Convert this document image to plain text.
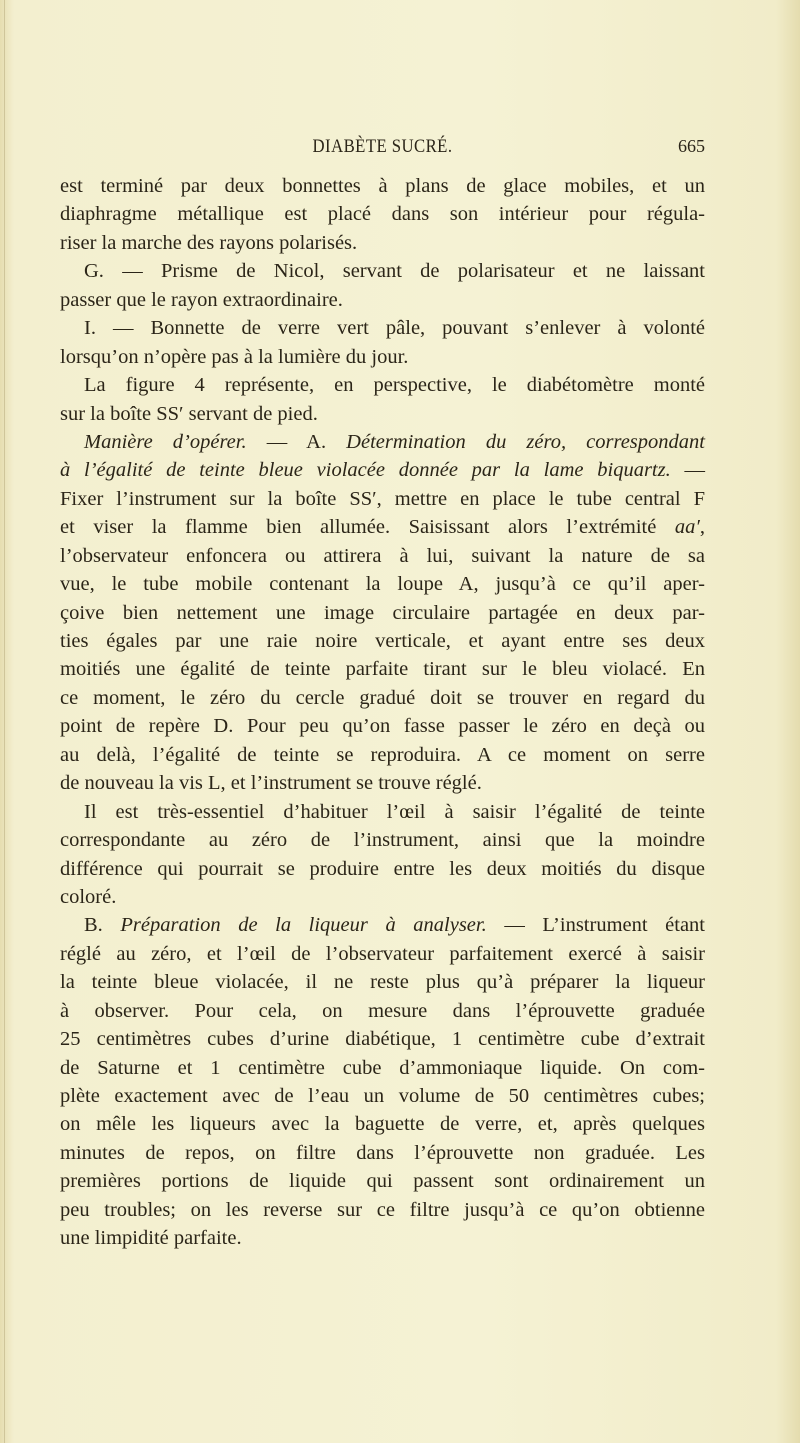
DIABÈTE SUCRÉ.	665
est terminé par deux bonnettes à plans de glace mobiles, et un
diaphragme métallique est placé dans son intérieur pour régula-
riser la marche des rayons polarisés.
G. — Prisme de Nicol, servant de polarisateur et ne laissant
passer que le rayon extraordinaire.
I. — Bonnette de verre vert pâle, pouvant s’enlever à volonté
lorsqu’on n’opère pas à la lumière du jour.
La figure 4 représente, en perspective, le diabétomètre monté
sur la boîte SS′ servant de pied.
Manière d’opérer. — A. Détermination du zéro, correspondant
à l’égalité de teinte bleue violacée donnée par la lame biquartz. —
Fixer l’instrument sur la boîte SS′, mettre en place le tube central F
et viser la flamme bien allumée. Saisissant alors l’extrémité aa′,
l’observateur enfoncera ou attirera à lui, suivant la nature de sa
vue, le tube mobile contenant la loupe A, jusqu’à ce qu’il aper-
çoive bien nettement une image circulaire partagée en deux par-
ties égales par une raie noire verticale, et ayant entre ses deux
moitiés une égalité de teinte parfaite tirant sur le bleu violacé. En
ce moment, le zéro du cercle gradué doit se trouver en regard du
point de repère D. Pour peu qu’on fasse passer le zéro en deçà ou
au delà, l’égalité de teinte se reproduira. A ce moment on serre
de nouveau la vis L, et l’instrument se trouve réglé.
Il est très-essentiel d’habituer l’œil à saisir l’égalité de teinte
correspondante au zéro de l’instrument, ainsi que la moindre
différence qui pourrait se produire entre les deux moitiés du disque
coloré.
B. Préparation de la liqueur à analyser. — L’instrument étant
réglé au zéro, et l’œil de l’observateur parfaitement exercé à saisir
la teinte bleue violacée, il ne reste plus qu’à préparer la liqueur
à observer. Pour cela, on mesure dans l’éprouvette graduée
25 centimètres cubes d’urine diabétique, 1 centimètre cube d’extrait
de Saturne et 1 centimètre cube d’ammoniaque liquide. On com-
plète exactement avec de l’eau un volume de 50 centimètres cubes;
on mêle les liqueurs avec la baguette de verre, et, après quelques
minutes de repos, on filtre dans l’éprouvette non graduée. Les
premières portions de liquide qui passent sont ordinairement un
peu troubles; on les reverse sur ce filtre jusqu’à ce qu’on obtienne
une limpidité parfaite.
